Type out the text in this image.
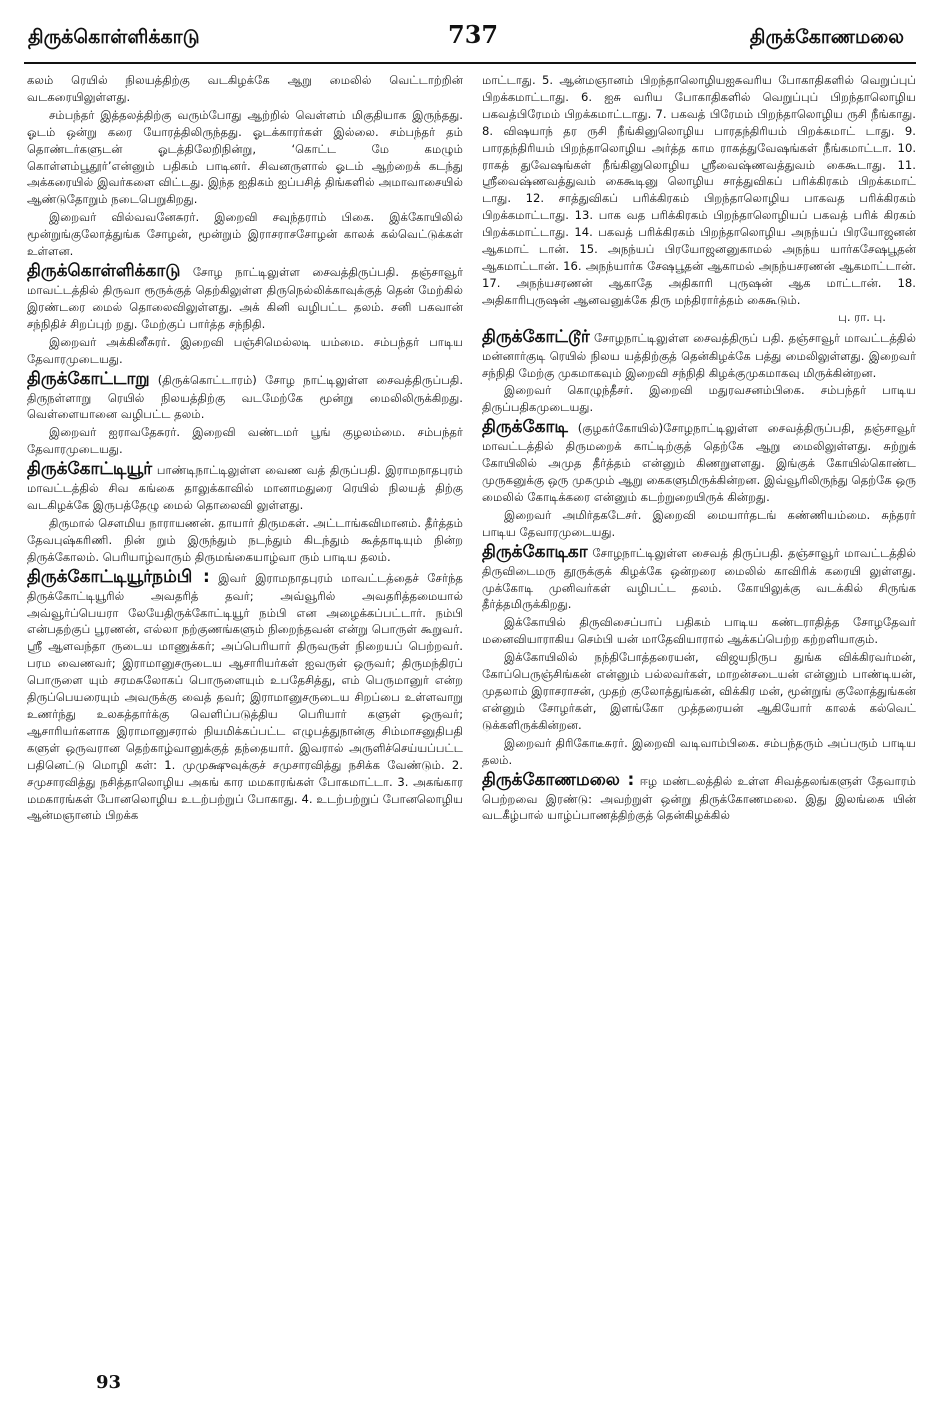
திருக்கொள்ளிக்காடு	737	திருக்கோணமலை

கலம் ரெயில் நிலயத்திற்கு வடகிழக்கே ஆறு மைலில் வெட்டாற்றின் வடகரையிலுள்ளது.

சம்பந்தர் இத்தலத்திற்கு வரும்போது ஆற்றில் வெள்ளம் மிகுதியாக இருந்தது. ஓடம் ஒன்று கரை யோரத்திலிருந்தது. ஓடக்காரர்கள் இல்லை. சம்பந்தர் தம் தொண்டர்களுடன் ஓடத்திலேறிநின்று, ‘கொட்ட மே கமழும் கொள்ளம்பூதூர்’என்னும் பதிகம் பாடினர். சிவனருளால் ஓடம் ஆற்றைக் கடந்து அக்கரையில் இவர்களை விட்டது. இந்த ஐதிகம் ஐப்பசித் திங்களில் அமாவாசையில் ஆண்டுதோறும் நடைபெறுகிறது.

இறைவர் வில்வவனேசுரர். இறைவி சவுந்தராம் பிகை. இக்கோயிலில் மூன்றுங்குலோத்துங்க சோழன், மூன்றும் இராசராசசோழன் காலக் கல்வெட்டுக்கள் உள்ளன.

திருக்கொள்ளிக்காடு சோழ நாட்டிலுள்ள சைவத்திருப்பதி. தஞ்சாவூர் மாவட்டத்தில் திருவா ரூருக்குத் தெற்கிலுள்ள திருநெல்லிக்காவுக்குத் தென் மேற்கில் இரண்டரை மைல் தொலைவிலுள்ளது. அக் கினி வழிபட்ட தலம். சனி பகவான் சந்நிதிச் சிறப்புற் றது. மேற்குப் பார்த்த சந்நிதி.

இறைவர் அக்கினீசுரர். இறைவி பஞ்சிமெல்லடி யம்மை. சம்பந்தர் பாடிய தேவாரமுடையது.

திருக்கோட்டாறு (திருக்கொட்டாரம்) சோழ நாட்டிலுள்ள சைவத்திருப்பதி. திருநள்ளாறு ரெயில் நிலயத்திற்கு வடமேற்கே மூன்று மைலிலிருக்கிறது. வெள்ளையானை வழிபட்ட தலம்.

இறைவர் ஐராவதேசுரர். இறைவி வண்டமர் பூங் குழலம்மை. சம்பந்தர் தேவாரமுடையது.

திருக்கோட்டியூர் பாண்டிநாட்டிலுள்ள வைண வத் திருப்பதி. இராமநாதபுரம் மாவட்டத்தில் சிவ கங்கை தாலுக்காவில் மானாமதுரை ரெயில் நிலயத் திற்கு வடகிழக்கே இருபத்தேழு மைல் தொலைவி லுள்ளது.

திருமால் சௌமிய நாராயணன். தாயார் திருமகள். அட்டாங்கவிமானம். தீர்த்தம் தேவபுஷ்கரிணி. நின் றும் இருந்தும் நடந்தும் கிடந்தும் கூத்தாடியும் நின்ற திருக்கோலம். பெரியாழ்வாரும் திருமங்கையாழ்வா ரும் பாடிய தலம்.

திருக்கோட்டியூர்நம்பி : இவர் இராமநாதபுரம் மாவட்டத்தைச் சேர்ந்த திருக்கோட்டியூரில் அவதரித் தவர்; அவ்வூரில் அவதரித்தமையால் அவ்வூர்ப்பெயரா லேயேதிருக்கோட்டியூர் நம்பி என அழைக்கப்பட்டார். நம்பி என்பதற்குப் பூரணன், எல்லா நற்குணங்களும் நிறைந்தவன் என்று பொருள் கூறுவர். ஸ்ரீ ஆளவந்தா ருடைய மாணுக்கர்; அப்பெரியார் திருவருள் நிறையப் பெற்றவர். பரம வைணவர்; இராமானுசருடைய ஆசாரியர்கள் ஐவருள் ஒருவர்; திருமந்திரப் பொருளை யும் சரமசுலோகப் பொருளையும் உபதேசித்து, எம் பெருமானுர் என்ற திருப்பெயரையும் அவருக்கு வைத் தவர்; இராமானுசருடைய சிறப்பை உள்ளவாறு உணர்ந்து உலகத்தார்க்கு வெளிப்படுத்திய பெரியார் களுள் ஒருவர்; ஆசாரியர்களாக இராமானுசரால் நியமிக்கப்பட்ட எழுபத்துநான்கு சிம்மாசனுதிபதி களுள் ஒருவரான தெற்காழ்வானுக்குத் தந்தையார். இவரால் அருளிச்செய்யப்பட்ட பதினெட்டு மொழி கள்: 1. முமுக்ஷுவுக்குச் சமுசாரவித்து நசிக்க வேண்டும். 2. சமுசாரவித்து நசித்தாலொழிய அகங் கார மமகாரங்கள் போகமாட்டா. 3. அகங்கார மமகாரங்கள் போனலொழிய உடற்பற்றுப் போகாது. 4. உடற்பற்றுப் போனலொழிய ஆன்மஞானம் பிறக்க

மாட்டாது. 5. ஆன்மஞானம் பிறந்தாலொழியஐசுவரிய போகாதிகளில் வெறுப்புப் பிறக்கமாட்டாது. 6. ஐசு வரிய போகாதிகளில் வெறுப்புப் பிறந்தாலொழிய பகவத்பிரேமம் பிறக்கமாட்டாது. 7. பகவத் பிரேமம் பிறந்தாலொழிய ருசி நீங்காது. 8. விஷயாந் தர ருசி நீங்கினுலொழிய பாரதந்திரியம் பிறக்கமாட் டாது. 9. பாரதந்திரியம் பிறந்தாலொழிய அர்த்த காம ராகத்துவேஷங்கள் நீங்கமாட்டா. 10. ராகத் துவேஷங்கள் நீங்கினுலொழிய ஸ்ரீவைஷ்ணவத்துவம் கைகூடாது. 11. ஸ்ரீவைஷ்ணவத்துவம் கைகூடினு லொழிய சாத்துவிகப் பரிக்கிரகம் பிறக்கமாட் டாது. 12. சாத்துவிகப் பரிக்கிரகம் பிறந்தாலொழிய பாகவத பரிக்கிரகம் பிறக்கமாட்டாது. 13. பாக வத பரிக்கிரகம் பிறந்தாலொழியப் பகவத் பரிக் கிரகம் பிறக்கமாட்டாது. 14. பகவத் பரிக்கிரகம் பிறந்தாலொழிய அநந்யப் பிரயோஜனன் ஆகமாட் டான். 15. அநந்யப் பிரயோஜனனுகாமல் அநந்ய யார்கசேஷபூதன் ஆகமாட்டான். 16. அநந்யார்க சேஷபூதன் ஆகாமல் அநந்யசரணன் ஆகமாட்டான். 17. அநந்யசரணன் ஆகாதே அதிகாரி புருஷன் ஆக மாட்டான். 18. அதிகாரிபுருஷன் ஆனவனுக்கே திரு மந்திரார்த்தம் கைகூடும்.
பு. ரா. பு.

திருக்கோட்டூர் சோழநாட்டிலுள்ள சைவத்திருப் பதி. தஞ்சாவூர் மாவட்டத்தில் மன்னார்குடி ரெயில் நிலய யத்திற்குத் தென்கிழக்கே பத்து மைலிலுள்ளது. இறைவர் சந்நிதி மேற்கு முகமாகவும் இறைவி சந்நிதி கிழக்குமுகமாகவு மிருக்கின்றன.

இறைவர் கொழுந்தீசர். இறைவி மதுரவசனம்பிகை. சம்பந்தர் பாடிய திருப்பதிகமுடையது.

திருக்கோடி (குழகர்கோயில்)சோழநாட்டிலுள்ள சைவத்திருப்பதி, தஞ்சாவூர் மாவட்டத்தில் திருமறைக் காட்டிற்குத் தெற்கே ஆறு மைலிலுள்ளது. சுற்றுக் கோயிலில் அமுத தீர்த்தம் என்னும் கிணறுளளது. இங்குக் கோயில்கொண்ட முருகனுக்கு ஒரு முகமும் ஆறு கைகளுமிருக்கின்றன. இவ்வூரிலிருந்து தெற்கே ஒரு மைலில் கோடிக்கரை என்னும் கடற்றுறையிருக் கின்றது.

இறைவர் அமிர்தகடேசர். இறைவி மையார்தடங் கண்ணியம்மை. சுந்தரர் பாடிய தேவாரமுடையது.

திருக்கோடிகா சோழநாட்டிலுள்ள சைவத் திருப்பதி. தஞ்சாவூர் மாவட்டத்தில் திருவிடைமரு தூருக்குக் கிழக்கே ஒன்றரை மைலில் காவிரிக் கரையி லுள்ளது. முக்கோடி முனிவர்கள் வழிபட்ட தலம். கோயிலுக்கு வடக்கில் சிருங்க தீர்த்தமிருக்கிறது.

இக்கோயில் திருவிசைப்பாப் பதிகம் பாடிய கண்டராதித்த சோழதேவர் மனைவியாராகிய செம்பி யன் மாதேவியாரால் ஆக்கப்பெற்ற கற்றளியாகும்.

இக்கோயிலில் நந்திபோத்தரையன், விஜயநிருப துங்க விக்கிரவர்மன், கோப்பெருஞ்சிங்கன் என்னும் பல்லவர்கள், மாறன்சடையன் என்னும் பாண்டியன், முதலாம் இராசராசன், முதற் குலோத்துங்கன், விக்கிர மன், மூன்றுங் குலோத்துங்கன் என்னும் சோழர்கள், இளங்கோ முத்தரையன் ஆகியோர் காலக் கல்வெட் டுக்களிருக்கின்றன.

இறைவர் திரிகோடீசுரர். இறைவி வடிவாம்பிகை. சம்பந்தரும் அப்பரும் பாடிய தலம்.

திருக்கோணமலை : ஈழ மண்டலத்தில் உள்ள சிவத்தலங்களுள் தேவாரம் பெற்றவை இரண்டு: அவற்றுள் ஒன்று திருக்கோணமலை. இது இலங்கை யின் வடகீழ்பால் யாழ்ப்பாணத்திற்குத் தென்கிழக்கில்

93
